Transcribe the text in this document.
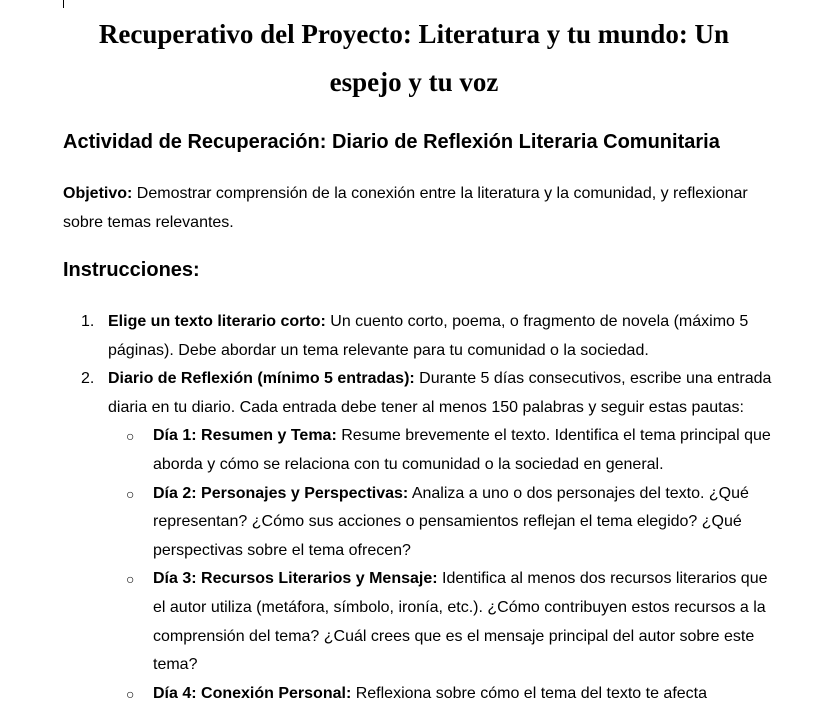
Recuperativo del Proyecto: Literatura y tu mundo: Un espejo y tu voz
Actividad de Recuperación: Diario de Reflexión Literaria Comunitaria

Objetivo: Demostrar comprensión de la conexión entre la literatura y la comunidad, y reflexionar sobre temas relevantes.

Instrucciones:
1. Elige un texto literario corto: Un cuento corto, poema, o fragmento de novela (máximo 5 páginas). Debe abordar un tema relevante para tu comunidad o la sociedad.
2. Diario de Reflexión (mínimo 5 entradas): Durante 5 días consecutivos, escribe una entrada diaria en tu diario. Cada entrada debe tener al menos 150 palabras y seguir estas pautas:
○ Día 1: Resumen y Tema: Resume brevemente el texto. Identifica el tema principal que aborda y cómo se relaciona con tu comunidad o la sociedad en general.
○ Día 2: Personajes y Perspectivas: Analiza a uno o dos personajes del texto. ¿Qué representan? ¿Cómo sus acciones o pensamientos reflejan el tema elegido? ¿Qué perspectivas sobre el tema ofrecen?
○ Día 3: Recursos Literarios y Mensaje: Identifica al menos dos recursos literarios que el autor utiliza (metáfora, símbolo, ironía, etc.). ¿Cómo contribuyen estos recursos a la comprensión del tema? ¿Cuál crees que es el mensaje principal del autor sobre este tema?
○ Día 4: Conexión Personal: Reflexiona sobre cómo el tema del texto te afecta
